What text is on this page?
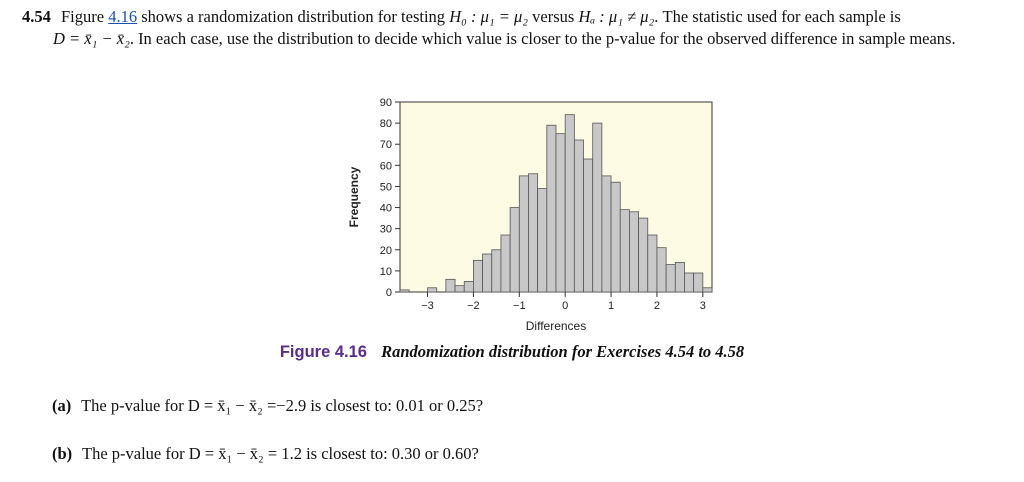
4.54 Figure 4.16 shows a randomization distribution for testing H₀ : μ₁ = μ₂ versus Hₐ : μ₁ ≠ μ₂. The statistic used for each sample is
D = x̄₁ − x̄₂. In each case, use the distribution to decide which value is closer to the p-value for the observed difference in sample means.
0
10
20
30
40
50
60
70
80
90
−3	−2	−1	0	1	2	3
Differences
Frequency
Figure 4.16 Randomization distribution for Exercises 4.54 to 4.58
(a) The p-value for D = x̄₁ − x̄₂ =−2.9 is closest to: 0.01 or 0.25?
(b) The p-value for D = x̄₁ − x̄₂ = 1.2 is closest to: 0.30 or 0.60?
